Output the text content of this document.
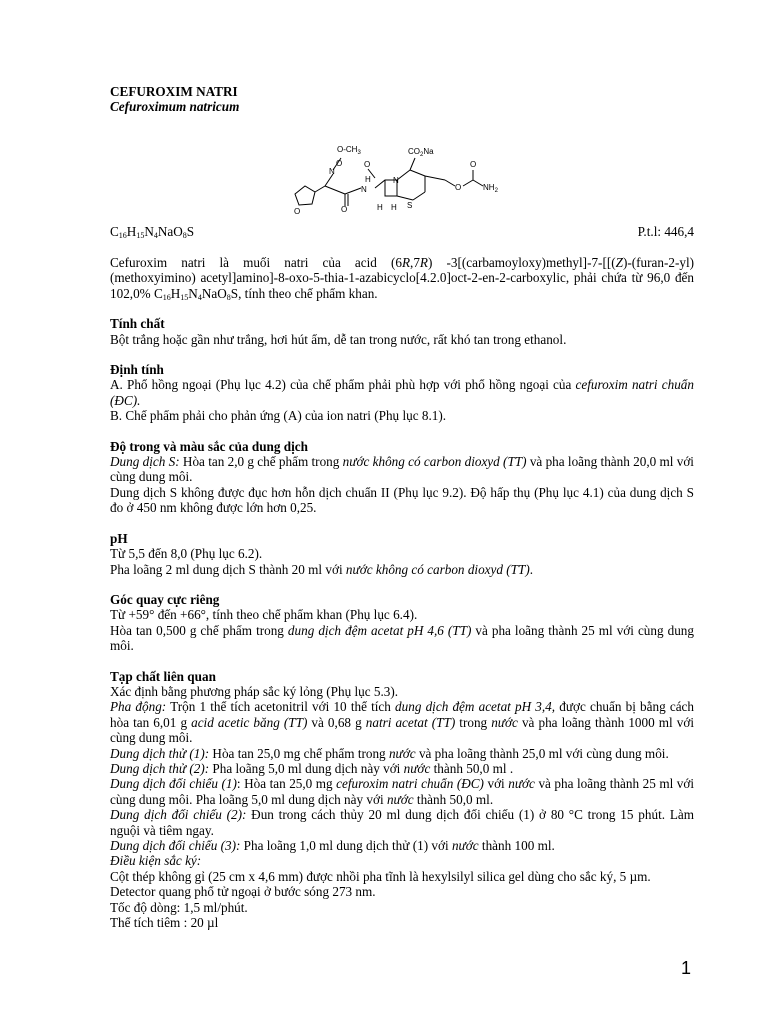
CEFUROXIM NATRI

Cefuroximum natricum

$O-CH_3$
N
O
$CO_2Na$
O
$NH_2$
H
H H
N
S
O
O
O
N
O
$C_{16}H_{15}N_4NaO_8S$	P.t.l: 446,4

Cefuroxim natri là muối natri của acid (6R,7R) -3[(carbamoyloxy)methyl]-7-[[(Z)-(furan-2-yl) (methoxyimino) acetyl]amino]-8-oxo-5-thia-1-azabicyclo[4.2.0]oct-2-en-2-carboxylic, phải chứa từ 96,0 đến 102,0% $C_{16}H_{15}N_4NaO_8S$, tính theo chế phẩm khan.

Tính chất

Bột trắng hoặc gần như trắng, hơi hút ẩm, dễ tan trong nước, rất khó tan trong ethanol.

Định tính

A. Phổ hồng ngoại (Phụ lục 4.2) của chế phẩm phải phù hợp với phổ hồng ngoại của cefuroxim natri chuẩn (ĐC).

B. Chế phẩm phải cho phản ứng (A) của ion natri (Phụ lục 8.1).

Độ trong và màu sắc của dung dịch

Dung dịch S: Hòa tan 2,0 g chế phẩm trong nước không có carbon dioxyd (TT) và pha loãng thành 20,0 ml với cùng dung môi.

Dung dịch S không được đục hơn hỗn dịch chuẩn II (Phụ lục 9.2). Độ hấp thụ (Phụ lục 4.1) của dung dịch S đo ở 450 nm không được lớn hơn 0,25.

pH

Từ 5,5 đến 8,0 (Phụ lục 6.2).

Pha loãng 2 ml dung dịch S thành 20 ml với nước không có carbon dioxyd (TT).

Góc quay cực riêng

Từ +59° đến +66°, tính theo chế phẩm khan (Phụ lục 6.4).

Hòa tan 0,500 g chế phẩm trong dung dịch đệm acetat pH 4,6 (TT) và pha loãng thành 25 ml với cùng dung môi.

Tạp chất liên quan

Xác định bằng phương pháp sắc ký lỏng (Phụ lục 5.3).

Pha động: Trộn 1 thể tích acetonitril với 10 thể tích dung dịch đệm acetat pH 3,4, được chuẩn bị bằng cách hòa tan 6,01 g acid acetic băng (TT) và 0,68 g natri acetat (TT) trong nước và pha loãng thành 1000 ml với cùng dung môi.

Dung dịch thử (1): Hòa tan 25,0 mg chế phẩm trong nước và pha loãng thành 25,0 ml với cùng dung môi.

Dung dịch thử (2): Pha loãng 5,0 ml dung dịch này với nước thành 50,0 ml .

Dung dịch đối chiếu (1): Hòa tan 25,0 mg cefuroxim natri chuẩn (ĐC) với nước và pha loãng thành 25 ml với cùng dung môi. Pha loãng 5,0 ml dung dịch này với nước thành 50,0 ml.

Dung dịch đối chiếu (2): Đun trong cách thủy 20 ml dung dịch đối chiếu (1) ở 80 °C trong 15 phút. Làm nguội và tiêm ngay.

Dung dịch đối chiếu (3): Pha loãng 1,0 ml dung dịch thử (1) với nước thành 100 ml.

Điều kiện sắc ký:

Cột thép không gỉ (25 cm x 4,6 mm) được nhồi pha tĩnh là hexylsilyl silica gel dùng cho sắc ký, 5 µm.

Detector quang phổ tử ngoại ở bước sóng 273 nm.

Tốc độ dòng: 1,5 ml/phút.

Thể tích tiêm : 20 µl

1
